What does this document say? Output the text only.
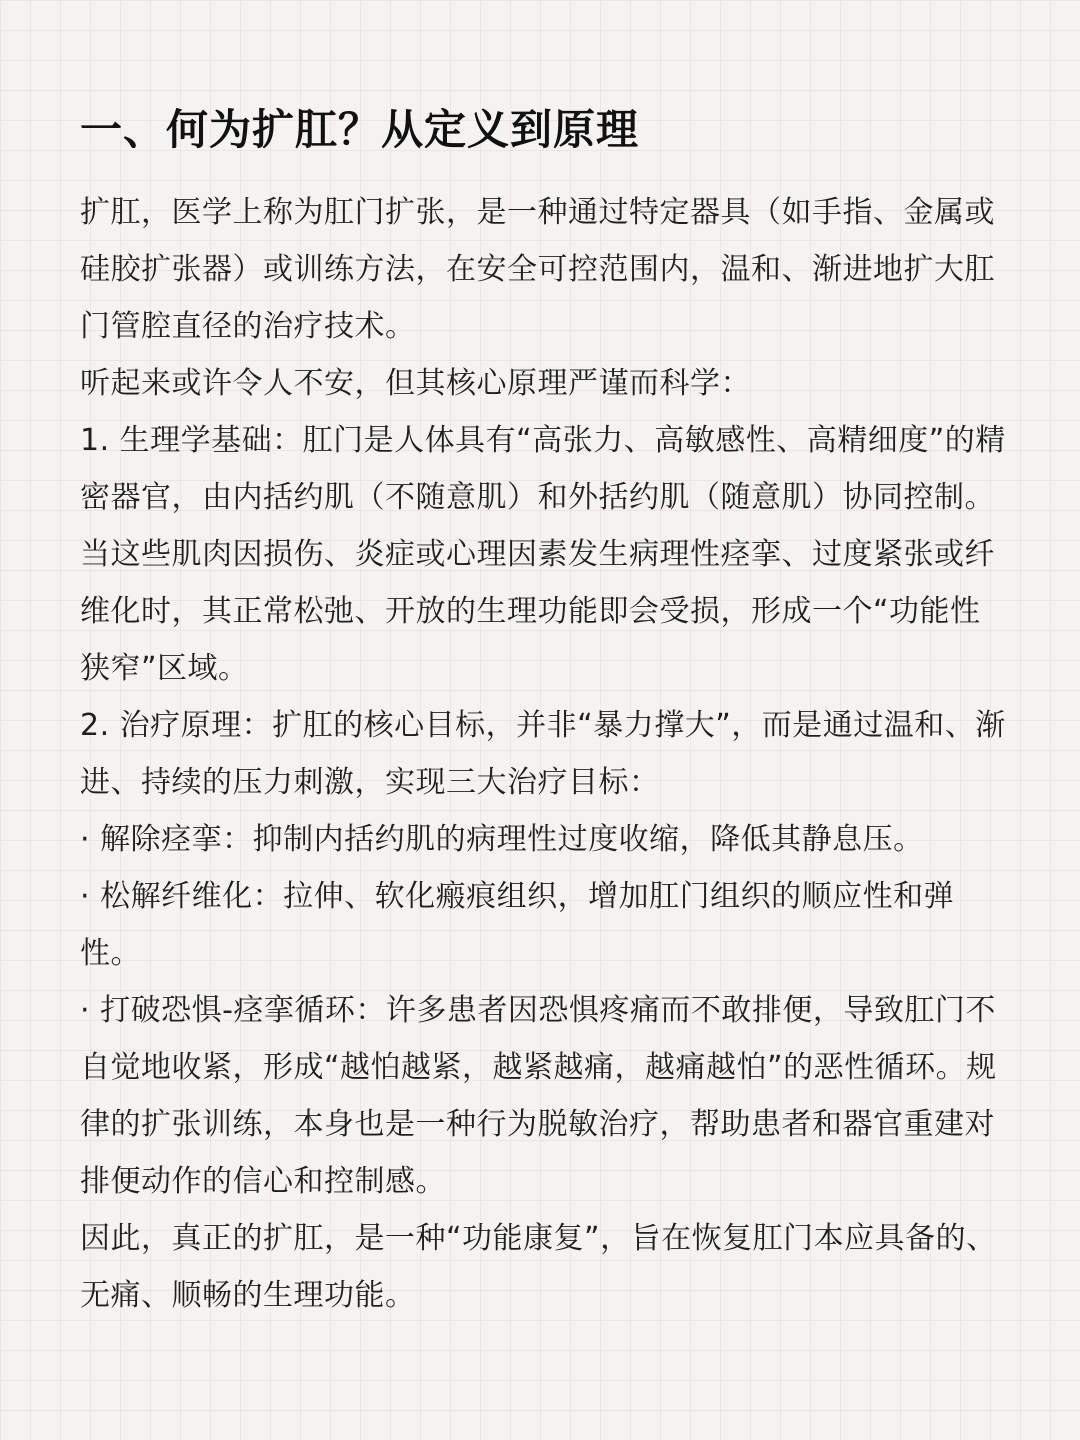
一、何为扩肛？从定义到原理

扩肛，医学上称为肛门扩张，是一种通过特定器具（如手指、金属或硅胶扩张器）或训练方法，在安全可控范围内，温和、渐进地扩大肛门管腔直径的治疗技术。

听起来或许令人不安，但其核心原理严谨而科学：

1. 生理学基础：肛门是人体具有“高张力、高敏感性、高精细度”的精密器官，由内括约肌（不随意肌）和外括约肌（随意肌）协同控制。当这些肌肉因损伤、炎症或心理因素发生病理性痉挛、过度紧张或纤维化时，其正常松弛、开放的生理功能即会受损，形成一个“功能性狭窄”区域。

2. 治疗原理：扩肛的核心目标，并非“暴力撑大”，而是通过温和、渐进、持续的压力刺激，实现三大治疗目标：

· 解除痉挛：抑制内括约肌的病理性过度收缩，降低其静息压。

· 松解纤维化：拉伸、软化瘢痕组织，增加肛门组织的顺应性和弹性。

· 打破恐惧-痉挛循环：许多患者因恐惧疼痛而不敢排便，导致肛门不自觉地收紧，形成“越怕越紧，越紧越痛，越痛越怕”的恶性循环。规律的扩张训练，本身也是一种行为脱敏治疗，帮助患者和器官重建对排便动作的信心和控制感。

因此，真正的扩肛，是一种“功能康复”，旨在恢复肛门本应具备的、无痛、顺畅的生理功能。
